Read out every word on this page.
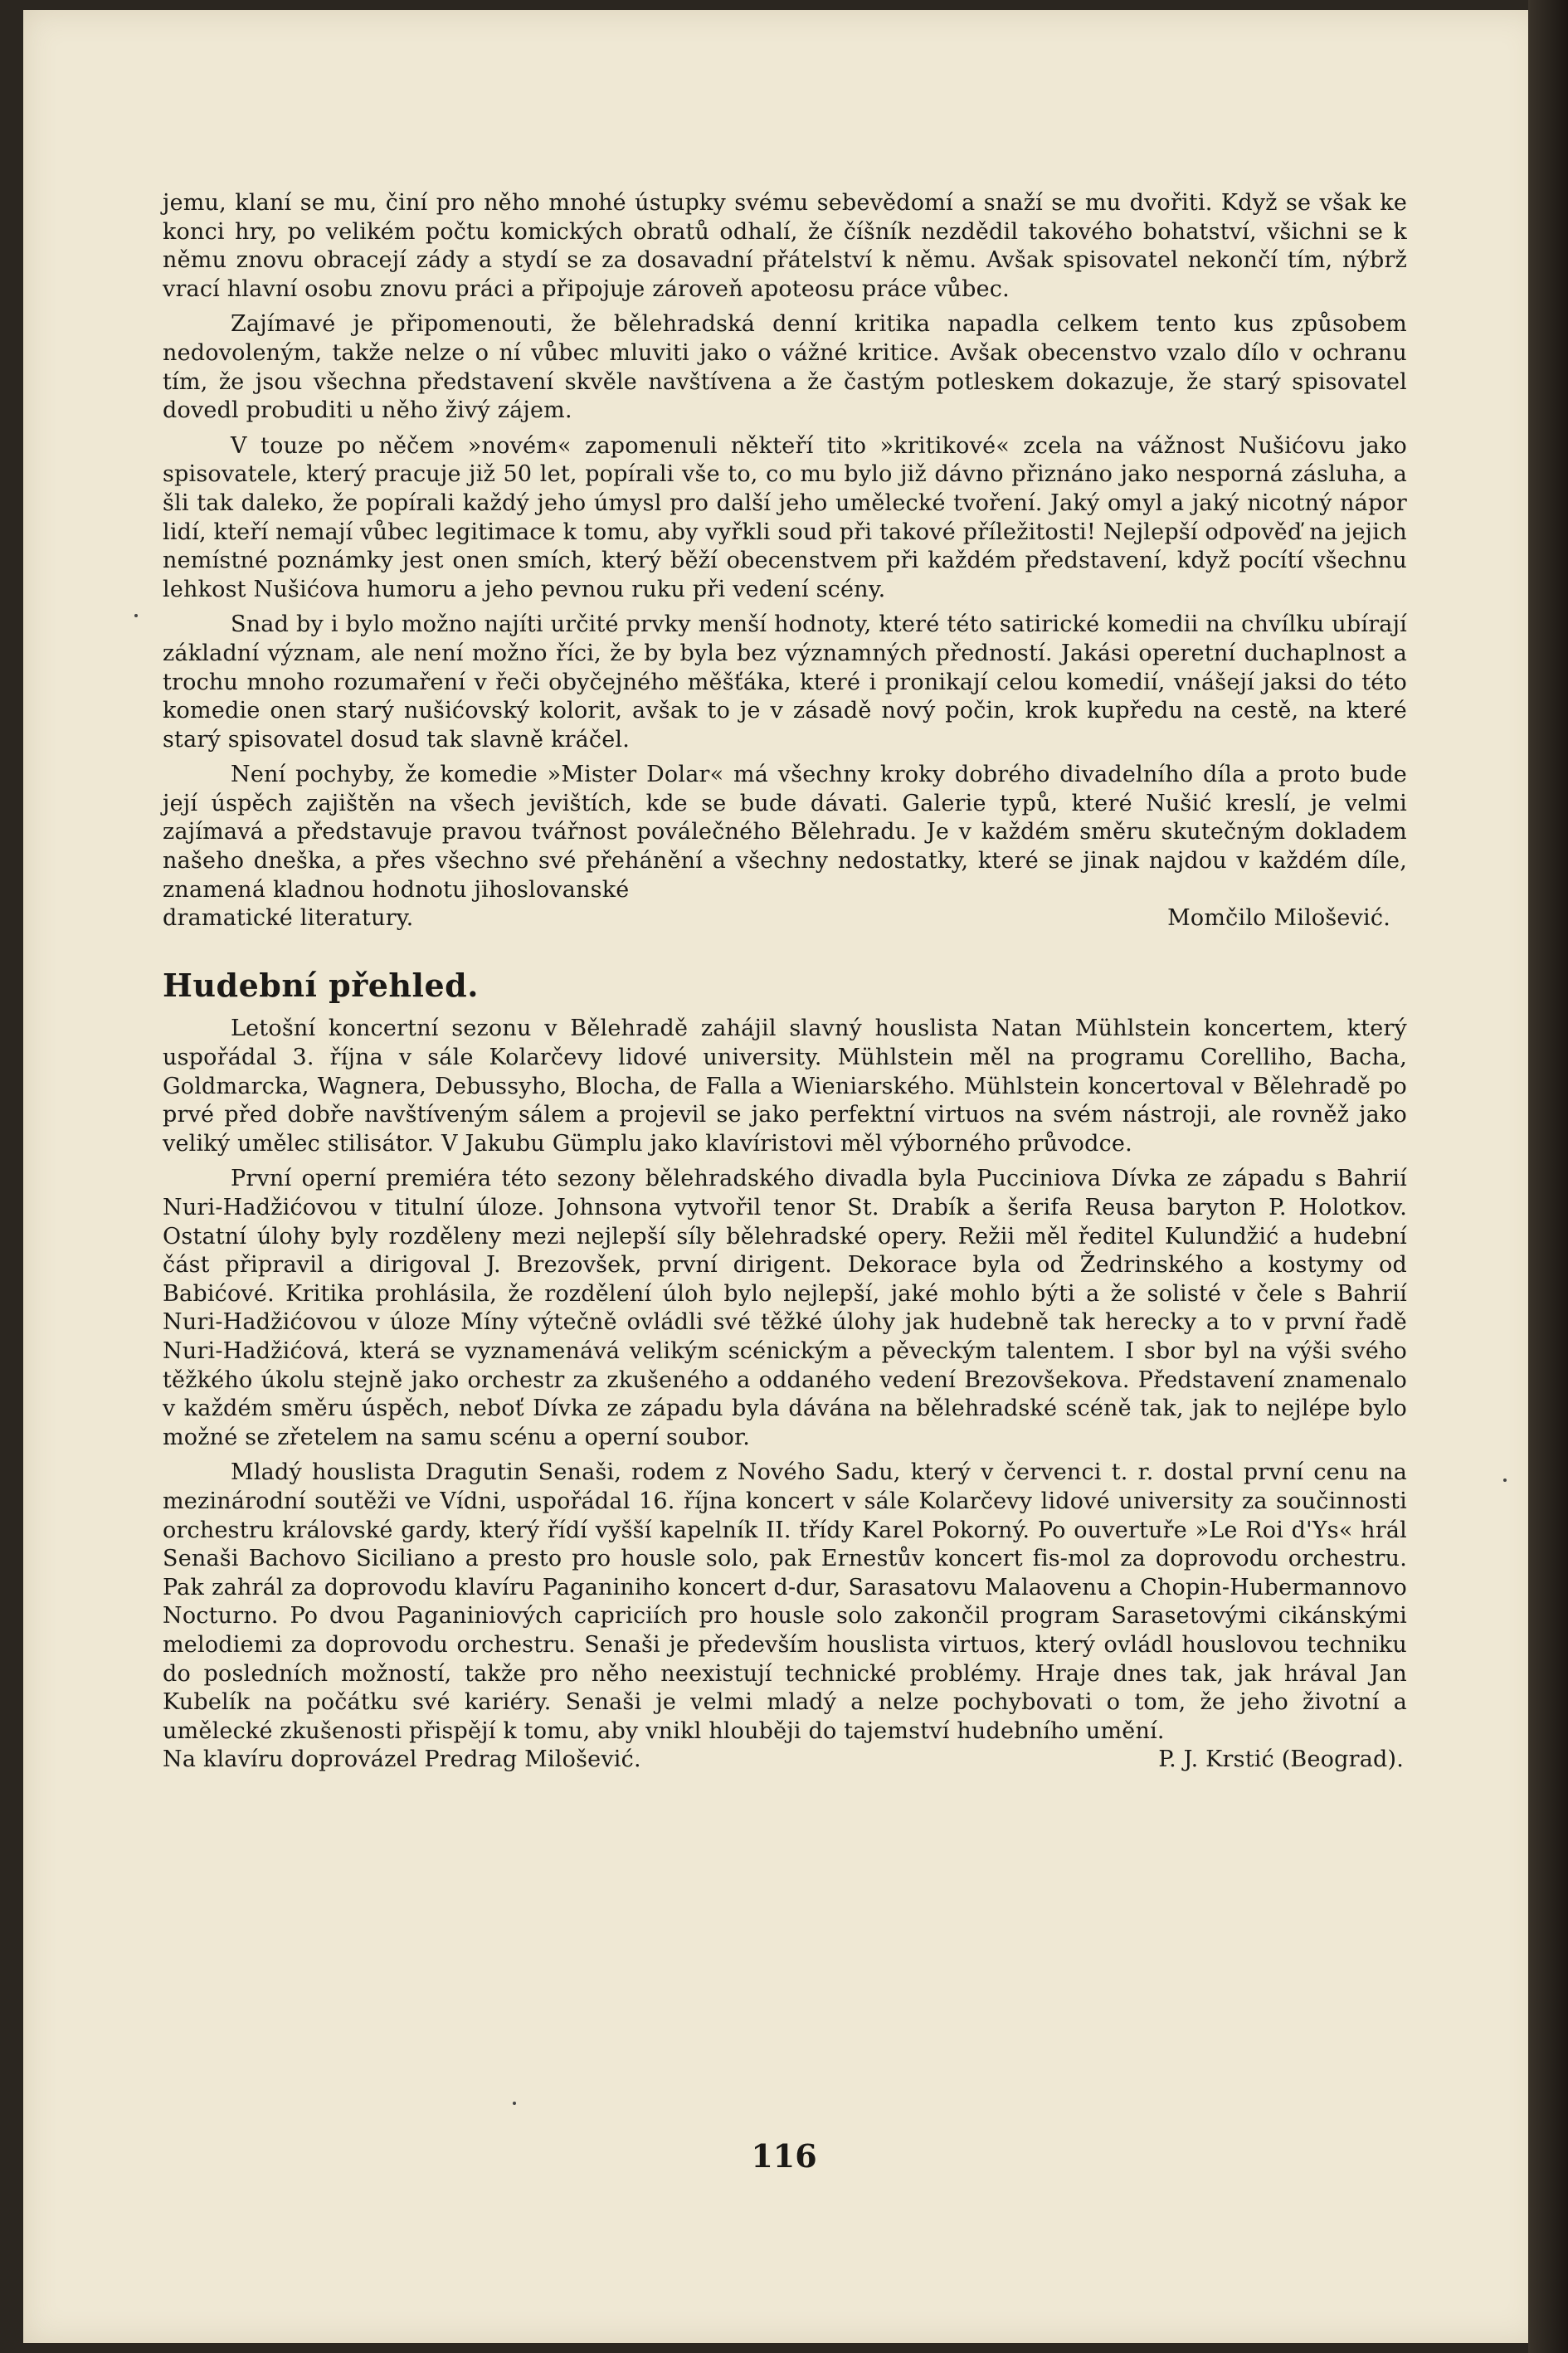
jemu, klaní se mu, činí pro něho mnohé ústupky svému sebevědomí a snaží se mu dvořiti. Když se však ke konci hry, po velikém počtu komických obratů odhalí, že číšník nezdědil takového bohatství, všichni se k němu znovu obracejí zády a stydí se za dosavadní přátelství k němu. Avšak spisovatel nekončí tím, nýbrž vrací hlavní osobu znovu práci a připojuje zároveň apoteosu práce vůbec.

Zajímavé je připomenouti, že bělehradská denní kritika napadla celkem tento kus způsobem nedovoleným, takže nelze o ní vůbec mluviti jako o vážné kritice. Avšak obecenstvo vzalo dílo v ochranu tím, že jsou všechna představení skvěle navštívena a že častým potleskem dokazuje, že starý spisovatel dovedl probuditi u něho živý zájem.

V touze po něčem »novém« zapomenuli někteří tito »kritikové« zcela na vážnost Nušićovu jako spisovatele, který pracuje již 50 let, popírali vše to, co mu bylo již dávno přiznáno jako nesporná zásluha, a šli tak daleko, že popírali každý jeho úmysl pro další jeho umělecké tvoření. Jaký omyl a jaký nicotný nápor lidí, kteří nemají vůbec legitimace k tomu, aby vyřkli soud při takové příležitosti! Nejlepší odpověď na jejich nemístné poznámky jest onen smích, který běží obecenstvem při každém představení, když pocítí všechnu lehkost Nušićova humoru a jeho pevnou ruku při vedení scény.

Snad by i bylo možno najíti určité prvky menší hodnoty, které této satirické komedii na chvílku ubírají základní význam, ale není možno říci, že by byla bez významných předností. Jakási operetní duchaplnost a trochu mnoho rozumaření v řeči obyčejného měšťáka, které i pronikají celou komedií, vnášejí jaksi do této komedie onen starý nušićovský kolorit, avšak to je v zásadě nový počin, krok kupředu na cestě, na které starý spisovatel dosud tak slavně kráčel.

Není pochyby, že komedie »Mister Dolar« má všechny kroky dobrého divadelního díla a proto bude její úspěch zajištěn na všech jevištích, kde se bude dávati. Galerie typů, které Nušić kreslí, je velmi zajímavá a představuje pravou tvářnost poválečného Bělehradu. Je v každém směru skutečným dokladem našeho dneška, a přes všechno své přehánění a všechny nedostatky, které se jinak najdou v každém díle, znamená kladnou hodnotu jihoslovanské

dramatické literatury.	Momčilo Milošević.
Hudební přehled.

Letošní koncertní sezonu v Bělehradě zahájil slavný houslista Natan Mühlstein koncertem, který uspořádal 3. října v sále Kolarčevy lidové university. Mühlstein měl na programu Corelliho, Bacha, Goldmarcka, Wagnera, Debussyho, Blocha, de Falla a Wieniarského. Mühlstein koncertoval v Bělehradě po prvé před dobře navštíveným sálem a projevil se jako perfektní virtuos na svém nástroji, ale rovněž jako veliký umělec stilisátor. V Jakubu Gümplu jako klavíristovi měl výborného průvodce.

První operní premiéra této sezony bělehradského divadla byla Pucciniova Dívka ze západu s Bahrií Nuri-Hadžićovou v titulní úloze. Johnsona vytvořil tenor St. Drabík a šerifa Reusa baryton P. Holotkov. Ostatní úlohy byly rozděleny mezi nejlepší síly bělehradské opery. Režii měl ředitel Kulundžić a hudební část připravil a dirigoval J. Brezovšek, první dirigent. Dekorace byla od Žedrinského a kostymy od Babićové. Kritika prohlásila, že rozdělení úloh bylo nejlepší, jaké mohlo býti a že solisté v čele s Bahrií Nuri-Hadžićovou v úloze Míny výtečně ovládli své těžké úlohy jak hudebně tak herecky a to v první řadě Nuri-Hadžićová, která se vyznamenává velikým scénickým a pěveckým talentem. I sbor byl na výši svého těžkého úkolu stejně jako orchestr za zkušeného a oddaného vedení Brezovšekova. Představení znamenalo v každém směru úspěch, neboť Dívka ze západu byla dávána na bělehradské scéně tak, jak to nejlépe bylo možné se zřetelem na samu scénu a operní soubor.

Mladý houslista Dragutin Senaši, rodem z Nového Sadu, který v červenci t. r. dostal první cenu na mezinárodní soutěži ve Vídni, uspořádal 16. října koncert v sále Kolarčevy lidové university za součinnosti orchestru královské gardy, který řídí vyšší kapelník II. třídy Karel Pokorný. Po ouvertuře »Le Roi d'Ys« hrál Senaši Bachovo Siciliano a presto pro housle solo, pak Ernestův koncert fis-mol za doprovodu orchestru. Pak zahrál za doprovodu klavíru Paganiniho koncert d-dur, Sarasatovu Malaovenu a Chopin-Hubermannovo Nocturno. Po dvou Paganiniových capriciích pro housle solo zakončil program Sarasetovými cikánskými melodiemi za doprovodu orchestru. Senaši je především houslista virtuos, který ovládl houslovou techniku do posledních možností, takže pro něho neexistují technické problémy. Hraje dnes tak, jak hrával Jan Kubelík na počátku své kariéry. Senaši je velmi mladý a nelze pochybovati o tom, že jeho životní a umělecké zkušenosti přispějí k tomu, aby vnikl hlouběji do tajemství hudebního umění.

Na klavíru doprovázel Predrag Milošević.	P. J. Krstić (Beograd).
116
